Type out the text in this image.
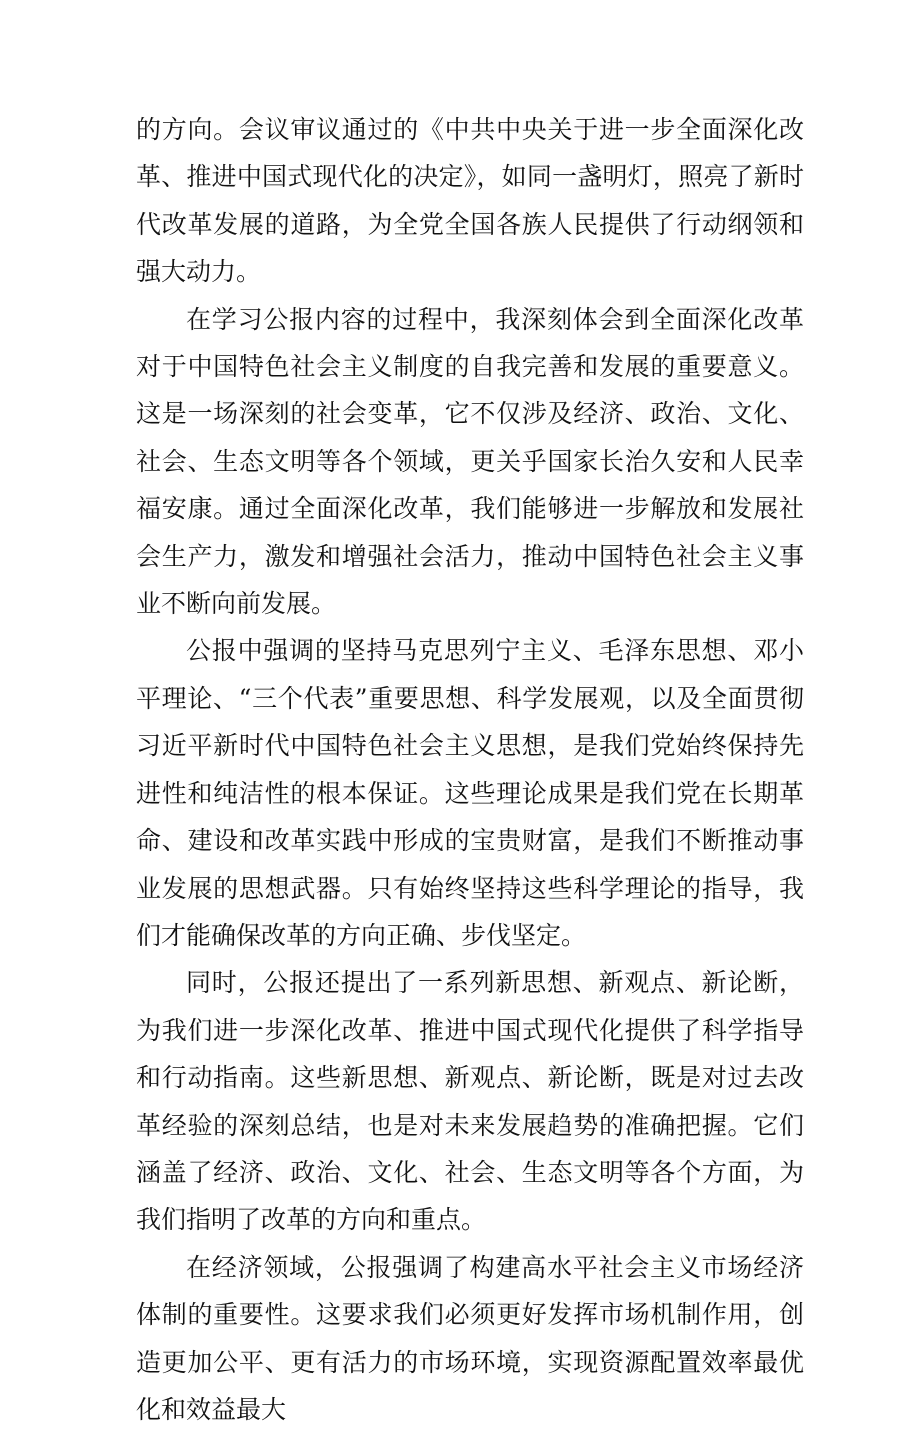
的方向。会议审议通过的《中共中央关于进一步全面深化改革、推进中国式现代化的决定》，如同一盏明灯，照亮了新时代改革发展的道路，为全党全国各族人民提供了行动纲领和强大动力。

在学习公报内容的过程中，我深刻体会到全面深化改革对于中国特色社会主义制度的自我完善和发展的重要意义。这是一场深刻的社会变革，它不仅涉及经济、政治、文化、社会、生态文明等各个领域，更关乎国家长治久安和人民幸福安康。通过全面深化改革，我们能够进一步解放和发展社会生产力，激发和增强社会活力，推动中国特色社会主义事业不断向前发展。

公报中强调的坚持马克思列宁主义、毛泽东思想、邓小平理论、“三个代表”重要思想、科学发展观，以及全面贯彻习近平新时代中国特色社会主义思想，是我们党始终保持先进性和纯洁性的根本保证。这些理论成果是我们党在长期革命、建设和改革实践中形成的宝贵财富，是我们不断推动事业发展的思想武器。只有始终坚持这些科学理论的指导，我们才能确保改革的方向正确、步伐坚定。

同时，公报还提出了一系列新思想、新观点、新论断，为我们进一步深化改革、推进中国式现代化提供了科学指导和行动指南。这些新思想、新观点、新论断，既是对过去改革经验的深刻总结，也是对未来发展趋势的准确把握。它们涵盖了经济、政治、文化、社会、生态文明等各个方面，为我们指明了改革的方向和重点。

在经济领域，公报强调了构建高水平社会主义市场经济体制的重要性。这要求我们必须更好发挥市场机制作用，创造更加公平、更有活力的市场环境，实现资源配置效率最优化和效益最大
